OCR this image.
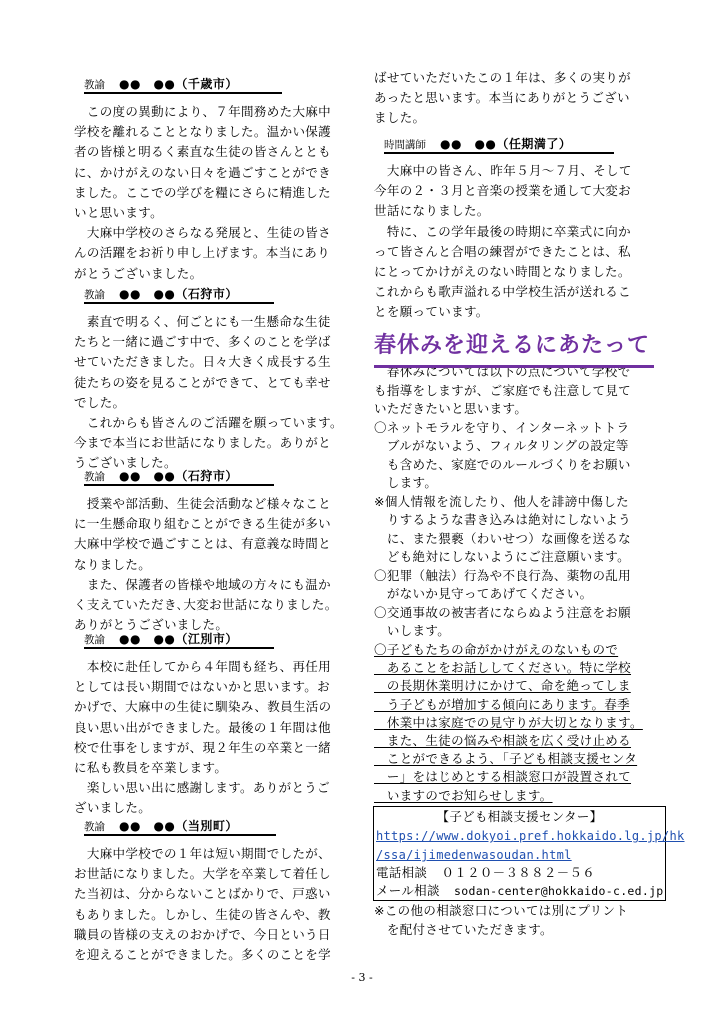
教諭 ●●　●●（千歳市）
　この度の異動により、７年間務めた大麻中
学校を離れることとなりました。温かい保護
者の皆様と明るく素直な生徒の皆さんととも
に、かけがえのない日々を過ごすことができ
ました。ここでの学びを糧にさらに精進した
いと思います。
　大麻中学校のさらなる発展と、生徒の皆さ
んの活躍をお祈り申し上げます。本当にあり
がとうございました。
教諭 ●●　●●（石狩市）
　素直で明るく、何ごとにも一生懸命な生徒
たちと一緒に過ごす中で、多くのことを学ば
せていただきました。日々大きく成長する生
徒たちの姿を見ることができて、とても幸せ
でした。
　これからも皆さんのご活躍を願っています。
今まで本当にお世話になりました。ありがと
うございました。
教諭 ●●　●●（石狩市）
　授業や部活動、生徒会活動など様々なこと
に一生懸命取り組むことができる生徒が多い
大麻中学校で過ごすことは、有意義な時間と
なりました。
　また、保護者の皆様や地域の方々にも温か
く支えていただき､大変お世話になりました。
ありがとうございました。
教諭 ●●　●●（江別市）
　本校に赴任してから４年間も経ち、再任用
としては長い期間ではないかと思います。お
かげで、大麻中の生徒に馴染み、教員生活の
良い思い出ができました。最後の１年間は他
校で仕事をしますが、現２年生の卒業と一緒
に私も教員を卒業します。
　楽しい思い出に感謝します。ありがとうご
ざいました。
教諭 ●●　●●（当別町）
　大麻中学校での１年は短い期間でしたが、
お世話になりました。大学を卒業して着任し
た当初は、分からないことばかりで、戸惑い
もありました。しかし、生徒の皆さんや、教
職員の皆様の支えのおかげで、今日という日
を迎えることができました。多くのことを学
ばせていただいたこの１年は、多くの実りが
あったと思います。本当にありがとうござい
ました。
時間講師 ●●　●●（任期満了）
　大麻中の皆さん、昨年５月～７月、そして
今年の２・３月と音楽の授業を通して大変お
世話になりました。
　特に、この学年最後の時期に卒業式に向か
って皆さんと合唱の練習ができたことは、私
にとってかけがえのない時間となりました。
これからも歌声溢れる中学校生活が送れるこ
とを願っています。
　春休みについては以下の点について学校で
も指導をしますが、ご家庭でも注意して見て
いただきたいと思います。
〇ネットモラルを守り、インターネットトラ
　ブルがないよう、フィルタリングの設定等
　も含めた、家庭でのルールづくりをお願い
　します。
※個人情報を流したり、他人を誹謗中傷した
　りするような書き込みは絶対にしないよう
　に、また猥褻（わいせつ）な画像を送るな
　ども絶対にしないようにご注意願います。
〇犯罪（触法）行為や不良行為、薬物の乱用
　がないか見守ってあげてください。
〇交通事故の被害者にならぬよう注意をお願
　いします。
〇子どもたちの命がかけがえのないもので
　あることをお話ししてください。特に学校
　の長期休業明けにかけて、命を絶ってしま
　う子どもが増加する傾向にあります。春季
　休業中は家庭での見守りが大切となります。
　また、生徒の悩みや相談を広く受け止める
　ことができるよう､「子ども相談支援センタ
　ー」をはじめとする相談窓口が設置されて
　いますのでお知らせします。
※この他の相談窓口については別にプリント
　を配付させていただきます。
春休みを迎えるにあたって
【子ども相談支援センター】
https://www.dokyoi.pref.hokkaido.lg.jp/hk
/ssa/ijimedenwasoudan.html
電話相談 ０１２０－３８８２－５６
メール相談 sodan-center@hokkaido-c.ed.jp
- 3 -
